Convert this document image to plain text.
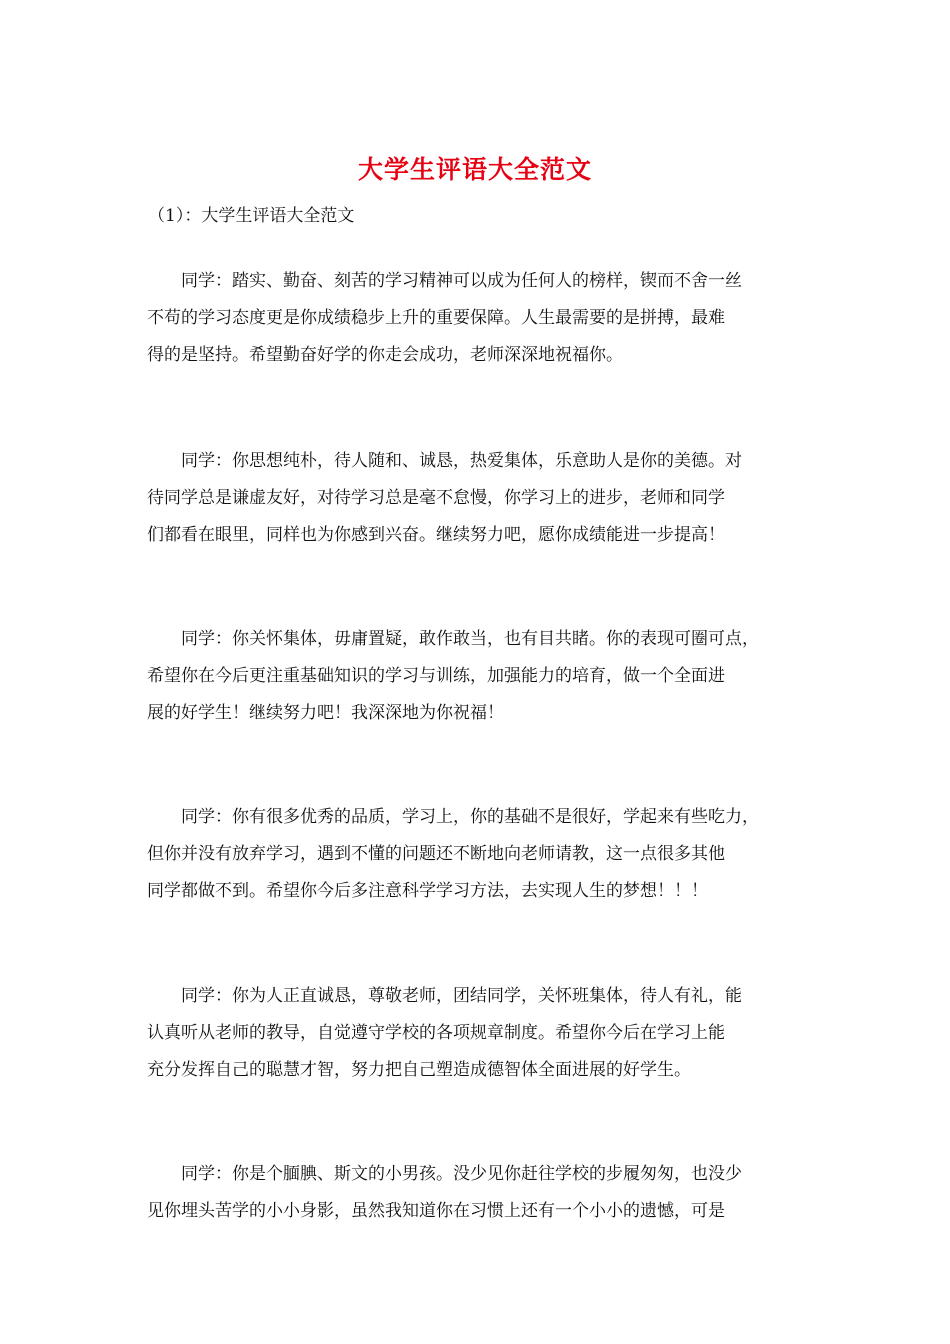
大学生评语大全范文
（1）：大学生评语大全范文
　　同学：踏实、勤奋、刻苦的学习精神可以成为任何人的榜样，锲而不舍一丝
不苟的学习态度更是你成绩稳步上升的重要保障。人生最需要的是拼搏，最难
得的是坚持。希望勤奋好学的你走会成功，老师深深地祝福你。
　　同学：你思想纯朴，待人随和、诚恳，热爱集体，乐意助人是你的美德。对
待同学总是谦虚友好，对待学习总是毫不怠慢，你学习上的进步，老师和同学
们都看在眼里，同样也为你感到兴奋。继续努力吧，愿你成绩能进一步提高！
　　同学：你关怀集体，毋庸置疑，敢作敢当，也有目共睹。你的表现可圈可点，
希望你在今后更注重基础知识的学习与训练，加强能力的培育，做一个全面进
展的好学生！继续努力吧！我深深地为你祝福！
　　同学：你有很多优秀的品质，学习上，你的基础不是很好，学起来有些吃力，
但你并没有放弃学习，遇到不懂的问题还不断地向老师请教，这一点很多其他
同学都做不到。希望你今后多注意科学学习方法，去实现人生的梦想！！！
　　同学：你为人正直诚恳，尊敬老师，团结同学，关怀班集体，待人有礼，能
认真听从老师的教导，自觉遵守学校的各项规章制度。希望你今后在学习上能
充分发挥自己的聪慧才智，努力把自己塑造成德智体全面进展的好学生。
　　同学：你是个腼腆、斯文的小男孩。没少见你赶往学校的步履匆匆，也没少
见你埋头苦学的小小身影，虽然我知道你在习惯上还有一个小小的遗憾，可是
